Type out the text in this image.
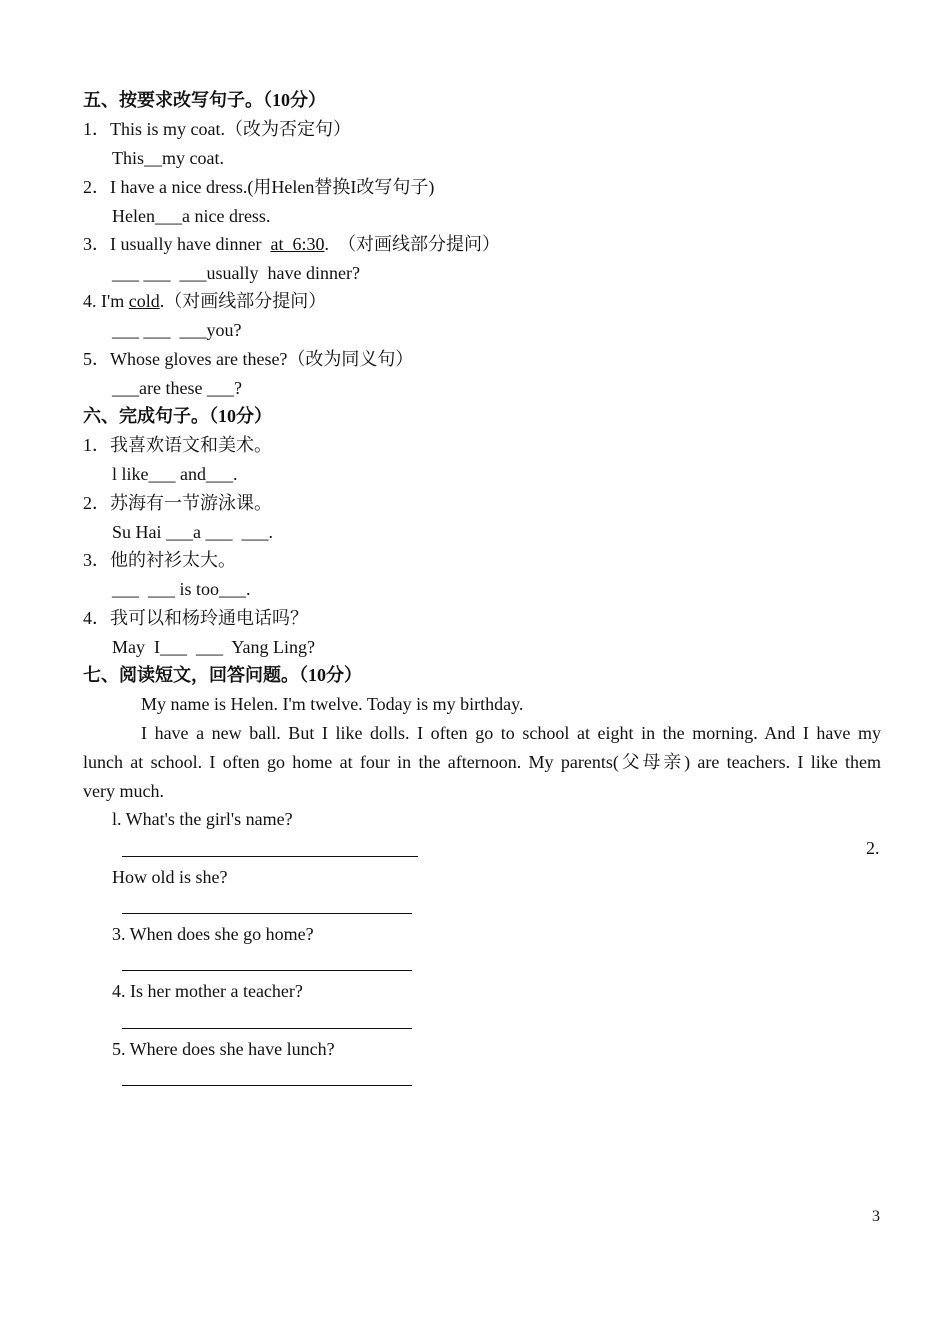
五、按要求改写句子。（10分）
1．This is my coat.（改为否定句）
This__my coat.
2．I have a nice dress.(用Helen替换I改写句子)
Helen___a nice dress.
3．I usually have dinner  at  6:30.  （对画线部分提问）
___ ___  ___usually  have dinner?
4. I'm cold.（对画线部分提问）
___ ___  ___you?
5．Whose gloves are these?（改为同义句）
___are these ___?
六、完成句子。（10分）
1．我喜欢语文和美术。
l like___ and___.
2．苏海有一节游泳课。
Su Hai ___a ___  ___.
3．他的衬衫太大。
___  ___ is too___.
4．我可以和杨玲通电话吗？
May  I___  ___  Yang Ling?
七、阅读短文，回答问题。（10分）
My name is Helen. I'm twelve. Today is my birthday.
I have a new ball. But I like dolls. I often go to school at eight in the morning. And I have my
lunch at school. I often go home at four in the afternoon. My parents(父母亲) are teachers. I like them
very much.
l. What's the girl's name?
2.
How old is she?
3. When does she go home?
4. Is her mother a teacher?
5. Where does she have lunch?
3
